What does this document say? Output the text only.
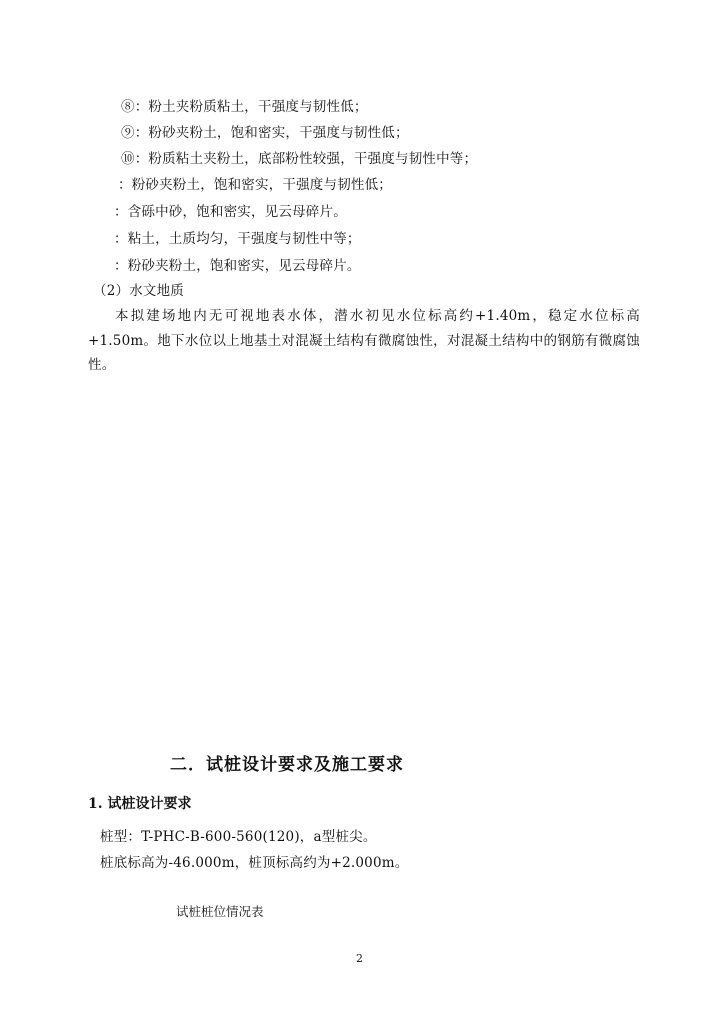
⑧：粉土夹粉质粘土，干强度与韧性低；
⑨：粉砂夹粉土，饱和密实，干强度与韧性低；
⑩：粉质粘土夹粉土，底部粉性较强，干强度与韧性中等；
：粉砂夹粉土，饱和密实，干强度与韧性低；
：含砾中砂，饱和密实，见云母碎片。
：粘土，土质均匀，干强度与韧性中等；
：粉砂夹粉土，饱和密实，见云母碎片。
（2）水文地质
本拟建场地内无可视地表水体，潜水初见水位标高约+1.40m，稳定水位标高+1.50m。地下水位以上地基土对混凝土结构有微腐蚀性，对混凝土结构中的钢筋有微腐蚀性。
二．试桩设计要求及施工要求
1. 试桩设计要求
桩型：T-PHC-B-600-560(120)，a型桩尖。
桩底标高为-46.000m，桩顶标高约为+2.000m。
试桩桩位情况表
2
